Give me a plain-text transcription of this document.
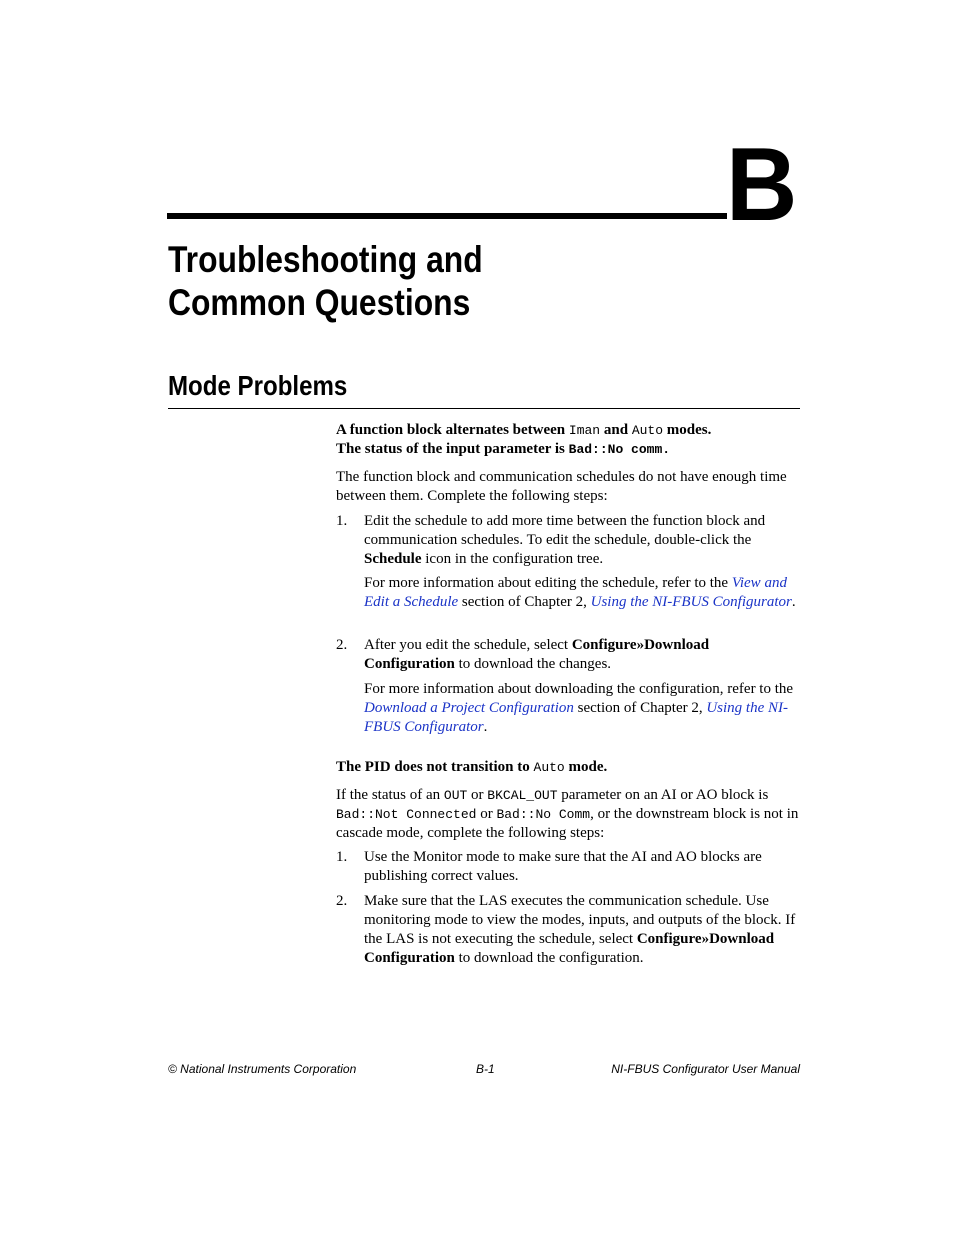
B
Troubleshooting and
Common Questions
Mode Problems
A function block alternates between Iman and Auto modes.
The status of the input parameter is Bad::No comm.
The function block and communication schedules do not have enough time between them. Complete the following steps:
1. Edit the schedule to add more time between the function block and communication schedules. To edit the schedule, double-click the Schedule icon in the configuration tree.
For more information about editing the schedule, refer to the View and Edit a Schedule section of Chapter 2, Using the NI-FBUS Configurator.
2. After you edit the schedule, select Configure»Download Configuration to download the changes.
For more information about downloading the configuration, refer to the Download a Project Configuration section of Chapter 2, Using the NI-FBUS Configurator.
The PID does not transition to Auto mode.
If the status of an OUT or BKCAL_OUT parameter on an AI or AO block is Bad::Not Connected or Bad::No Comm, or the downstream block is not in cascade mode, complete the following steps:
1. Use the Monitor mode to make sure that the AI and AO blocks are publishing correct values.
2. Make sure that the LAS executes the communication schedule. Use monitoring mode to view the modes, inputs, and outputs of the block. If the LAS is not executing the schedule, select Configure»Download Configuration to download the configuration.
© National Instruments Corporation	B-1	NI-FBUS Configurator User Manual
